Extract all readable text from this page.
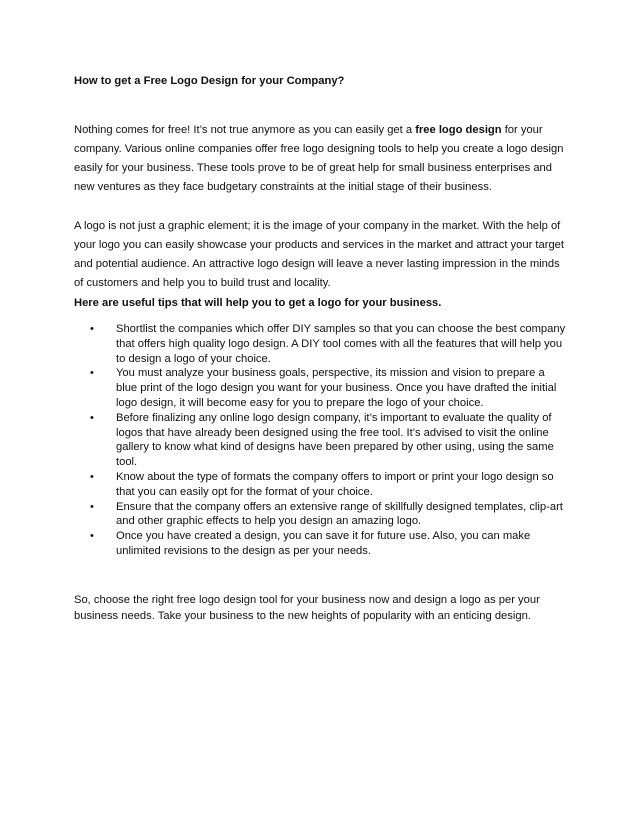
How to get a Free Logo Design for your Company?

Nothing comes for free! It’s not true anymore as you can easily get a free logo design for your company. Various online companies offer free logo designing tools to help you create a logo design easily for your business. These tools prove to be of great help for small business enterprises and new ventures as they face budgetary constraints at the initial stage of their business.

A logo is not just a graphic element; it is the image of your company in the market. With the help of your logo you can easily showcase your products and services in the market and attract your target and potential audience. An attractive logo design will leave a never lasting impression in the minds of customers and help you to build trust and locality.

Here are useful tips that will help you to get a logo for your business.
• Shortlist the companies which offer DIY samples so that you can choose the best company that offers high quality logo design. A DIY tool comes with all the features that will help you to design a logo of your choice.
• You must analyze your business goals, perspective, its mission and vision to prepare a blue print of the logo design you want for your business. Once you have drafted the initial logo design, it will become easy for you to prepare the logo of your choice.
• Before finalizing any online logo design company, it’s important to evaluate the quality of logos that have already been designed using the free tool. It’s advised to visit the online gallery to know what kind of designs have been prepared by other using, using the same tool.
• Know about the type of formats the company offers to import or print your logo design so that you can easily opt for the format of your choice.
• Ensure that the company offers an extensive range of skillfully designed templates, clip-art and other graphic effects to help you design an amazing logo.
• Once you have created a design, you can save it for future use. Also, you can make unlimited revisions to the design as per your needs.

So, choose the right free logo design tool for your business now and design a logo as per your business needs. Take your business to the new heights of popularity with an enticing design.
